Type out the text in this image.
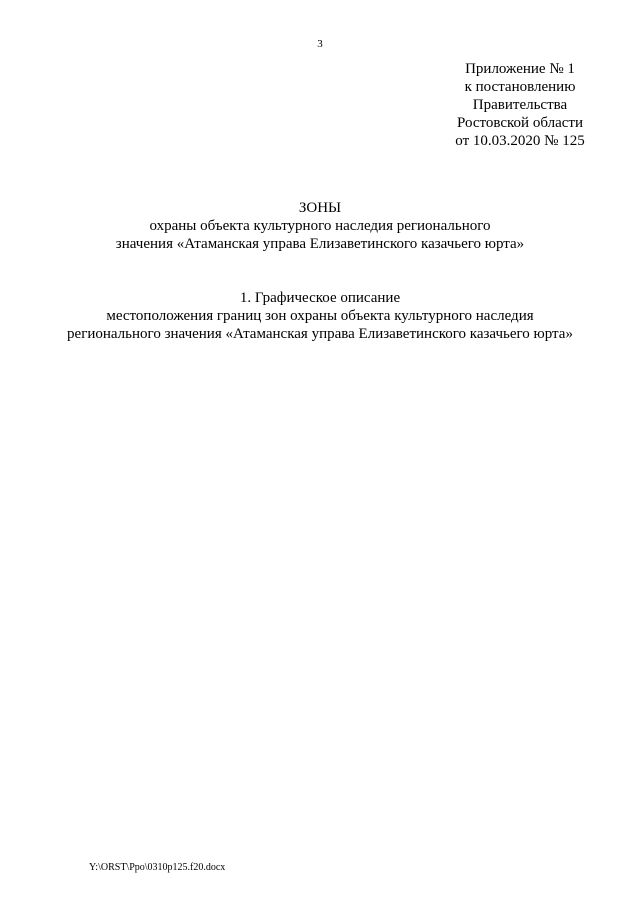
3
Приложение № 1
к постановлению
Правительства
Ростовской области
от 10.03.2020 № 125
ЗОНЫ
охраны объекта культурного наследия регионального
значения «Атаманская управа Елизаветинского казачьего юрта»
1. Графическое описание
местоположения границ зон охраны объекта культурного наследия
регионального значения «Атаманская управа Елизаветинского казачьего юрта»
Y:\ORST\Ppo\0310p125.f20.docx
